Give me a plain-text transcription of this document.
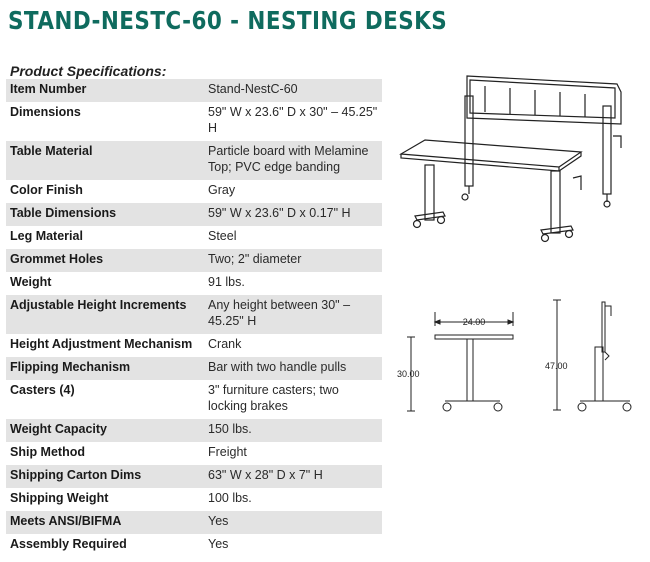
STAND-NESTC-60 - NESTING DESKS
Product Specifications:
Item Number	Stand-NestC-60
Dimensions	59" W x 23.6" D x 30" – 45.25" H
Table Material	Particle board with Melamine Top; PVC edge banding
Color Finish	Gray
Table Dimensions	59" W x 23.6" D x 0.17" H
Leg Material	Steel
Grommet Holes	Two; 2" diameter
Weight	91 lbs.
Adjustable Height Increments	Any height between 30" – 45.25" H
Height Adjustment Mechanism	Crank
Flipping Mechanism	Bar with two handle pulls
Casters (4)	3" furniture casters; two locking brakes
Weight Capacity	150 lbs.
Ship Method	Freight
Shipping Carton Dims	63" W x 28" D x 7" H
Shipping Weight	100 lbs.
Meets ANSI/BIFMA	Yes
Assembly Required	Yes
24.00
30.00
47.00
